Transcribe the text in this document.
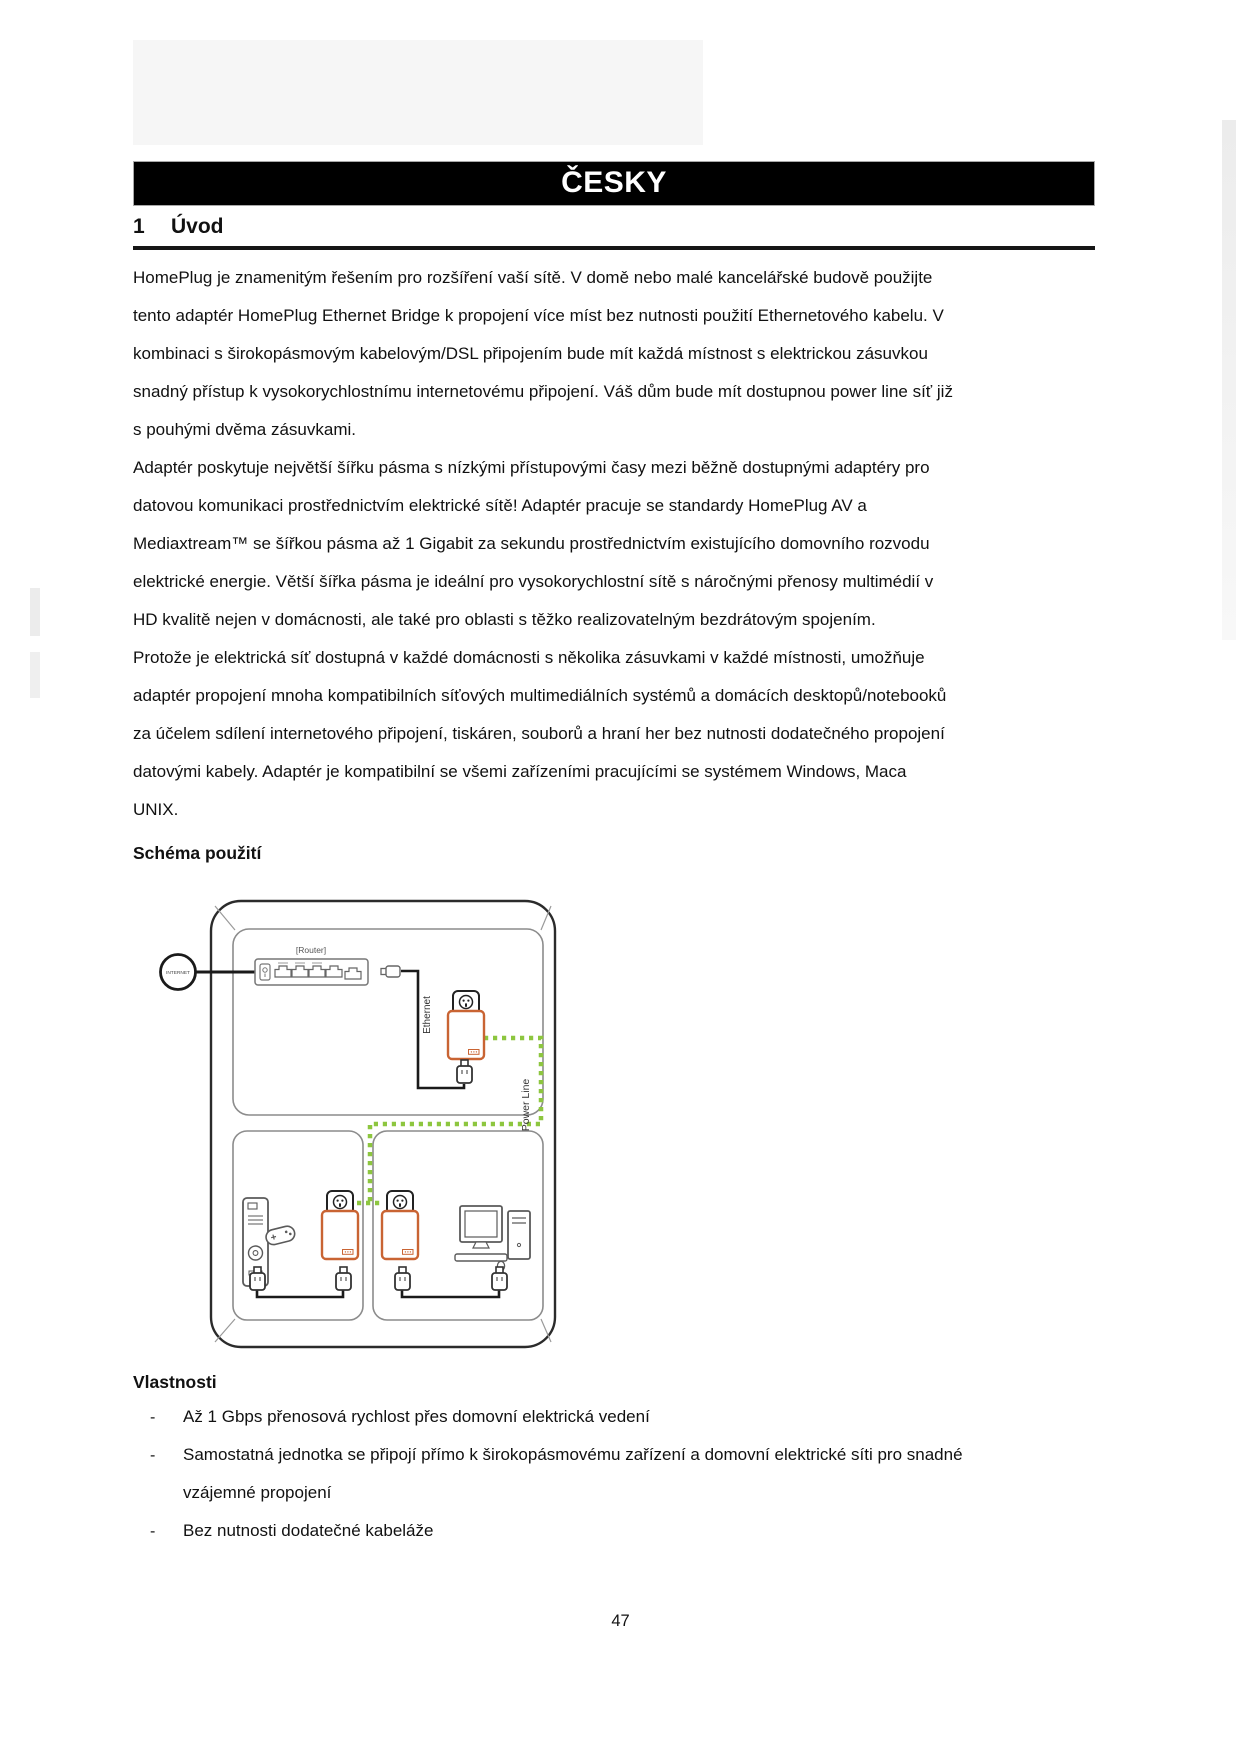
ČESKY
1 Úvod
HomePlug je znamenitým řešením pro rozšíření vaší sítě. V domě nebo malé kancelářské budově použijte
tento adaptér HomePlug Ethernet Bridge k propojení více míst bez nutnosti použití Ethernetového kabelu. V
kombinaci s širokopásmovým kabelovým/DSL připojením bude mít každá místnost s elektrickou zásuvkou
snadný přístup k vysokorychlostnímu internetovému připojení. Váš dům bude mít dostupnou power line síť již
s pouhými dvěma zásuvkami.
Adaptér poskytuje největší šířku pásma s nízkými přístupovými časy mezi běžně dostupnými adaptéry pro
datovou komunikaci prostřednictvím elektrické sítě! Adaptér pracuje se standardy HomePlug AV a
Mediaxtream™ se šířkou pásma až 1 Gigabit za sekundu prostřednictvím existujícího domovního rozvodu
elektrické energie. Větší šířka pásma je ideální pro vysokorychlostní sítě s náročnými přenosy multimédií v
HD kvalitě nejen v domácnosti, ale také pro oblasti s těžko realizovatelným bezdrátovým spojením.
Protože je elektrická síť dostupná v každé domácnosti s několika zásuvkami v každé místnosti, umožňuje
adaptér propojení mnoha kompatibilních síťových multimediálních systémů a domácích desktopů/notebooků
za účelem sdílení internetového připojení, tiskáren, souborů a hraní her bez nutnosti dodatečného propojení
datovými kabely. Adaptér je kompatibilní se všemi zařízeními pracujícími se systémem Windows, Maca
UNIX.
Schéma použití
INTERNET
[Router]
Ethernet
Power Line
Vlastnosti
- Až 1 Gbps přenosová rychlost přes domovní elektrická vedení
- Samostatná jednotka se připojí přímo k širokopásmovému zařízení a domovní elektrické síti pro snadné
vzájemné propojení
- Bez nutnosti dodatečné kabeláže
47
